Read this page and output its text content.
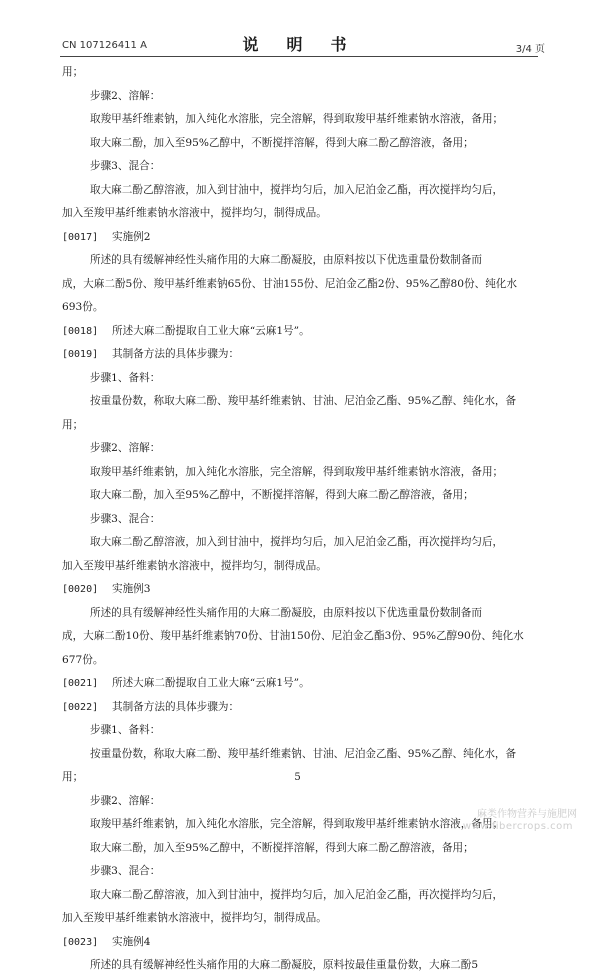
CN 107126411 A	说　明　书	3/4 页
用；
步骤2、溶解：
取羧甲基纤维素钠，加入纯化水溶胀，完全溶解，得到取羧甲基纤维素钠水溶液，备用；
取大麻二酚，加入至95%乙醇中，不断搅拌溶解，得到大麻二酚乙醇溶液，备用；
步骤3、混合：
取大麻二酚乙醇溶液，加入到甘油中，搅拌均匀后，加入尼泊金乙酯，再次搅拌均匀后，
加入至羧甲基纤维素钠水溶液中，搅拌均匀，制得成品。
[0017]	实施例2
所述的具有缓解神经性头痛作用的大麻二酚凝胶，由原料按以下优选重量份数制备而
成，大麻二酚5份、羧甲基纤维素钠65份、甘油155份、尼泊金乙酯2份、95%乙醇80份、纯化水
693份。
[0018]	所述大麻二酚提取自工业大麻“云麻1号”。
[0019]	其制备方法的具体步骤为：
步骤1、备料：
按重量份数，称取大麻二酚、羧甲基纤维素钠、甘油、尼泊金乙酯、95%乙醇、纯化水，备
用；
步骤2、溶解：
取羧甲基纤维素钠，加入纯化水溶胀，完全溶解，得到取羧甲基纤维素钠水溶液，备用；
取大麻二酚，加入至95%乙醇中，不断搅拌溶解，得到大麻二酚乙醇溶液，备用；
步骤3、混合：
取大麻二酚乙醇溶液，加入到甘油中，搅拌均匀后，加入尼泊金乙酯，再次搅拌均匀后，
加入至羧甲基纤维素钠水溶液中，搅拌均匀，制得成品。
[0020]	实施例3
所述的具有缓解神经性头痛作用的大麻二酚凝胶，由原料按以下优选重量份数制备而
成，大麻二酚10份、羧甲基纤维素钠70份、甘油150份、尼泊金乙酯3份、95%乙醇90份、纯化水
677份。
[0021]	所述大麻二酚提取自工业大麻“云麻1号”。
[0022]	其制备方法的具体步骤为：
步骤1、备料：
按重量份数，称取大麻二酚、羧甲基纤维素钠、甘油、尼泊金乙酯、95%乙醇、纯化水，备
用；
步骤2、溶解：
取羧甲基纤维素钠，加入纯化水溶胀，完全溶解，得到取羧甲基纤维素钠水溶液，备用；
取大麻二酚，加入至95%乙醇中，不断搅拌溶解，得到大麻二酚乙醇溶液，备用；
步骤3、混合：
取大麻二酚乙醇溶液，加入到甘油中，搅拌均匀后，加入尼泊金乙酯，再次搅拌均匀后，
加入至羧甲基纤维素钠水溶液中，搅拌均匀，制得成品。
[0023]	实施例4
所述的具有缓解神经性头痛作用的大麻二酚凝胶，原料按最佳重量份数，大麻二酚5
5
麻类作物营养与施肥网
www.fibercrops.com
